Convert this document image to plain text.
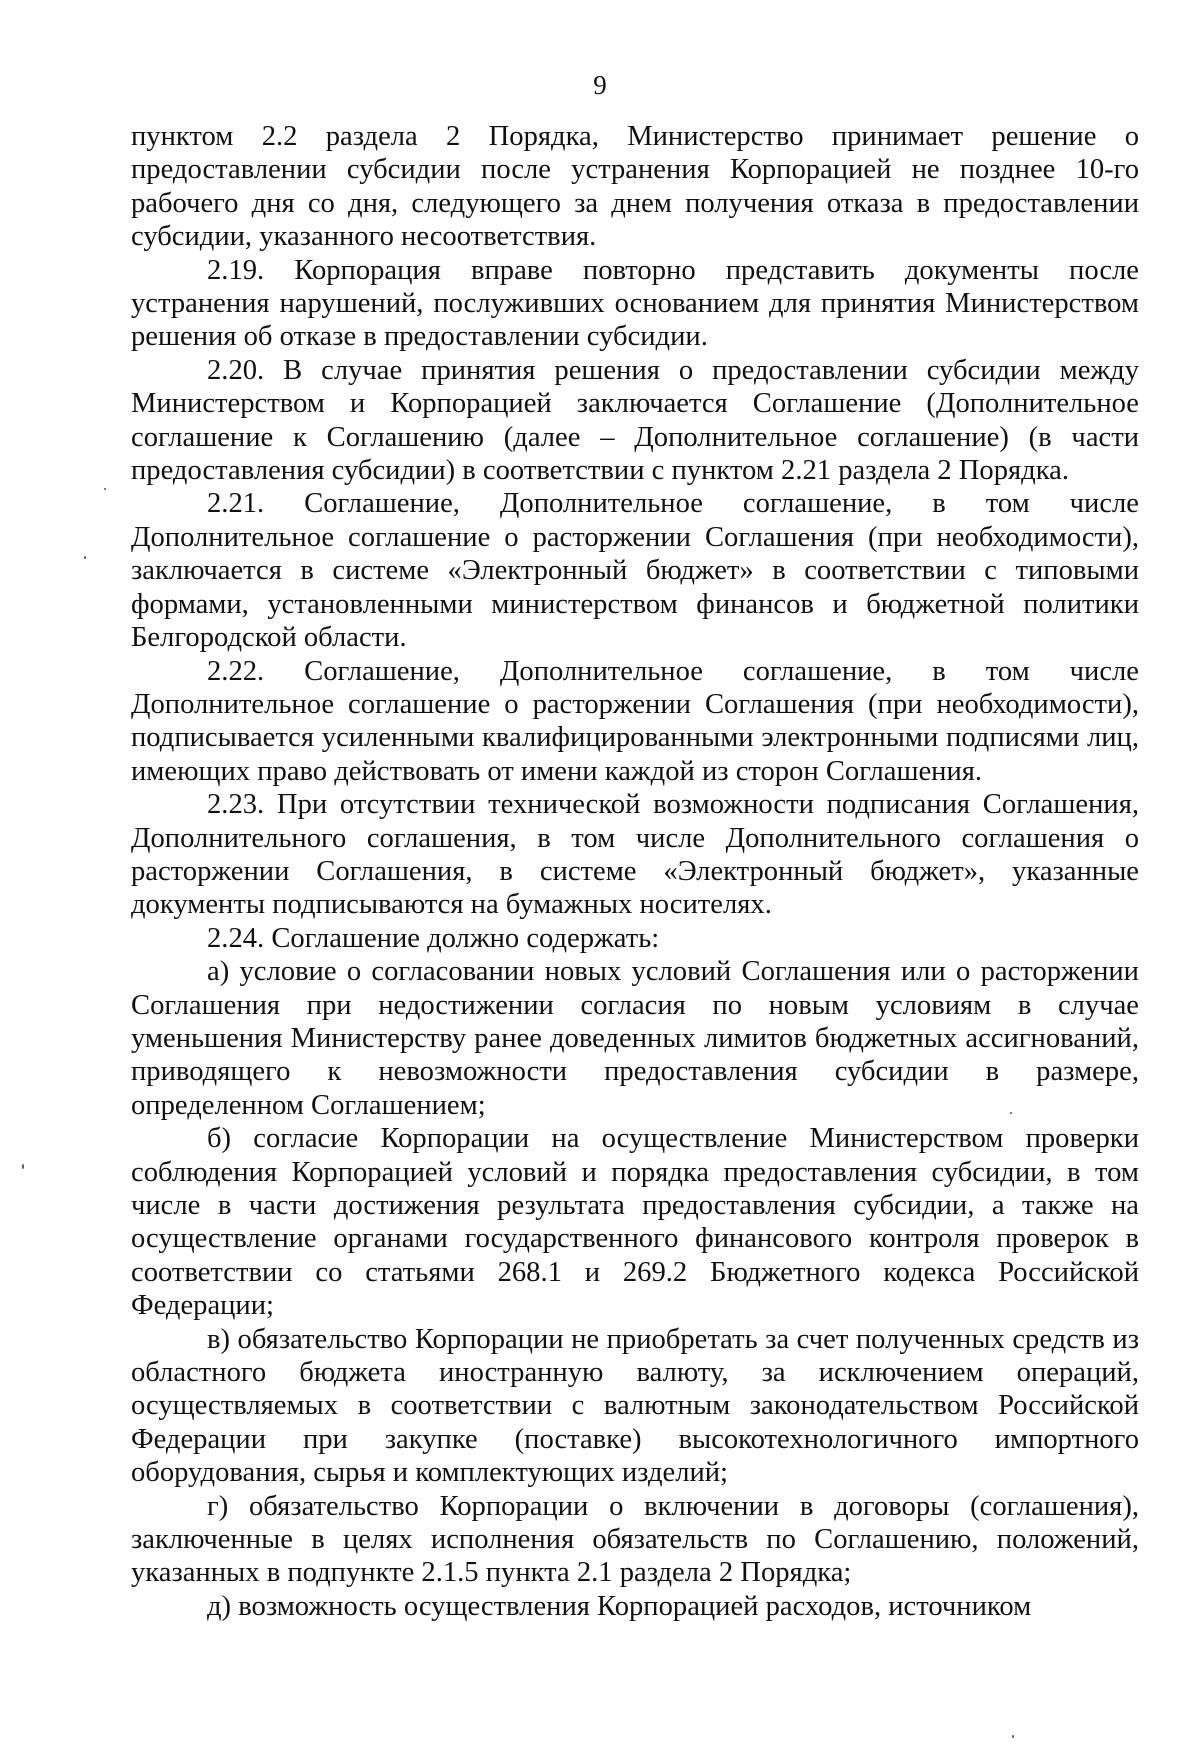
9

пунктом 2.2 раздела 2 Порядка, Министерство принимает решение о предоставлении субсидии после устранения Корпорацией не позднее 10-го рабочего дня со дня, следующего за днем получения отказа в предоставлении субсидии, указанного несоответствия.

2.19. Корпорация вправе повторно представить документы после устранения нарушений, послуживших основанием для принятия Министерством решения об отказе в предоставлении субсидии.

2.20. В случае принятия решения о предоставлении субсидии между Министерством и Корпорацией заключается Соглашение (Дополнительное соглашение к Соглашению (далее – Дополнительное соглашение) (в части предоставления субсидии) в соответствии с пунктом 2.21 раздела 2 Порядка.

2.21. Соглашение, Дополнительное соглашение, в том числе Дополнительное соглашение о расторжении Соглашения (при необходимости), заключается в системе «Электронный бюджет» в соответствии с типовыми формами, установленными министерством финансов и бюджетной политики Белгородской области.

2.22. Соглашение, Дополнительное соглашение, в том числе Дополнительное соглашение о расторжении Соглашения (при необходимости), подписывается усиленными квалифицированными электронными подписями лиц, имеющих право действовать от имени каждой из сторон Соглашения.

2.23. При отсутствии технической возможности подписания Соглашения, Дополнительного соглашения, в том числе Дополнительного соглашения о расторжении Соглашения, в системе «Электронный бюджет», указанные документы подписываются на бумажных носителях.

2.24. Соглашение должно содержать:

а) условие о согласовании новых условий Соглашения или о расторжении Соглашения при недостижении согласия по новым условиям в случае уменьшения Министерству ранее доведенных лимитов бюджетных ассигнований, приводящего к невозможности предоставления субсидии в размере, определенном Соглашением;

б) согласие Корпорации на осуществление Министерством проверки соблюдения Корпорацией условий и порядка предоставления субсидии, в том числе в части достижения результата предоставления субсидии, а также на осуществление органами государственного финансового контроля проверок в соответствии со статьями 268.1 и 269.2 Бюджетного кодекса Российской Федерации;

в) обязательство Корпорации не приобретать за счет полученных средств из областного бюджета иностранную валюту, за исключением операций, осуществляемых в соответствии с валютным законодательством Российской Федерации при закупке (поставке) высокотехнологичного импортного оборудования, сырья и комплектующих изделий;

г) обязательство Корпорации о включении в договоры (соглашения), заключенные в целях исполнения обязательств по Соглашению, положений, указанных в подпункте 2.1.5 пункта 2.1 раздела 2 Порядка;

д) возможность осуществления Корпорацией расходов, источником
